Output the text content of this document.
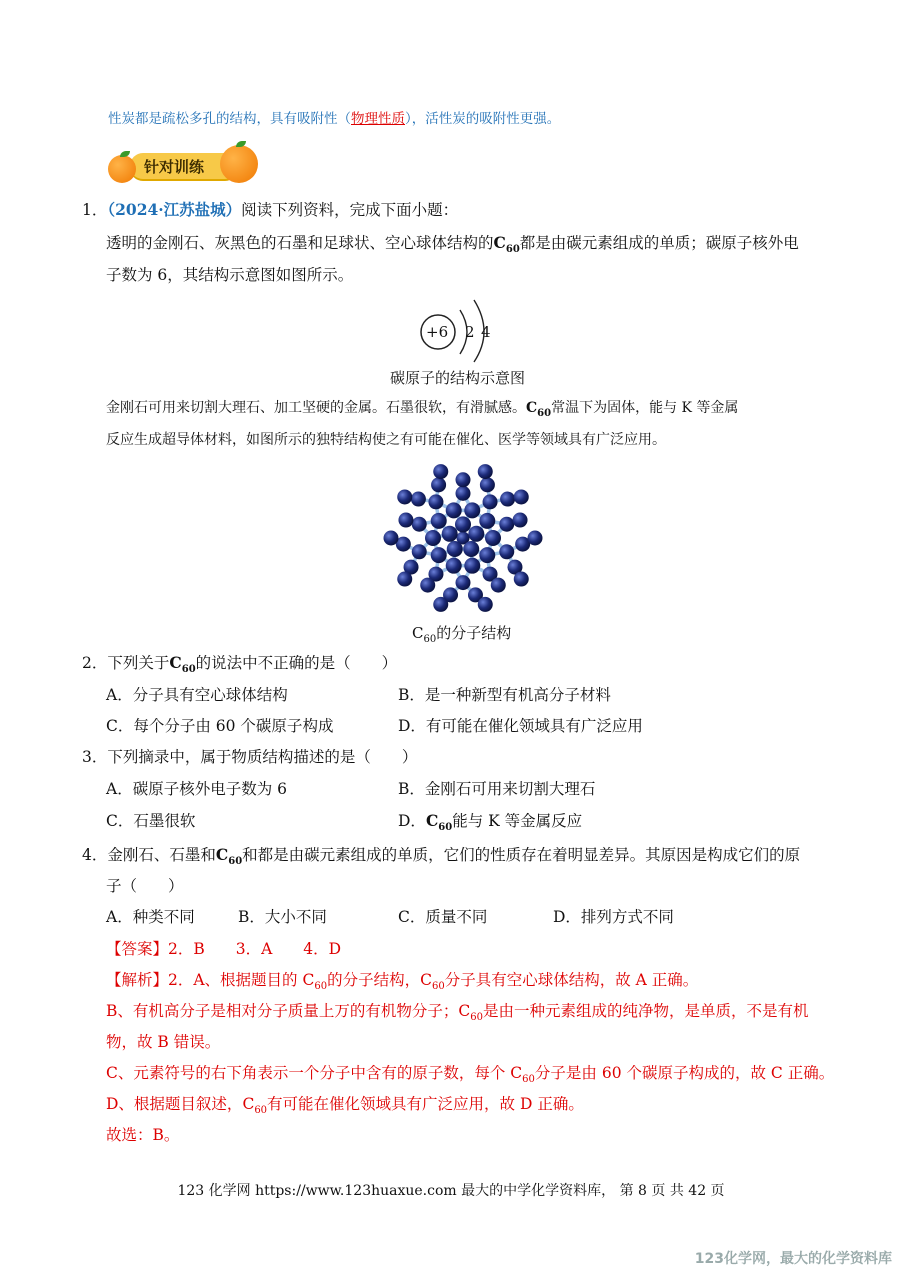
性炭都是疏松多孔的结构，具有吸附性（物理性质），活性炭的吸附性更强。
针对训练
1．（2024·江苏盐城）阅读下列资料，完成下面小题：
透明的金刚石、灰黑色的石墨和足球状、空心球体结构的$C_{60}$都是由碳元素组成的单质；碳原子核外电
子数为 6，其结构示意图如图所示。
+6 2 4
碳原子的结构示意图
金刚石可用来切割大理石、加工坚硬的金属。石墨很软，有滑腻感。$C_{60}$常温下为固体，能与 K 等金属
反应生成超导体材料，如图所示的独特结构使之有可能在催化、医学等领域具有广泛应用。
$C_{60}$的分子结构
2．下列关于$C_{60}$的说法中不正确的是（　　）
A．分子具有空心球体结构	B．是一种新型有机高分子材料
C．每个分子由 60 个碳原子构成	D．有可能在催化领域具有广泛应用
3．下列摘录中，属于物质结构描述的是（　　）
A．碳原子核外电子数为 6	B．金刚石可用来切割大理石
C．石墨很软	D．$C_{60}$能与 K 等金属反应
4．金刚石、石墨和$C_{60}$和都是由碳元素组成的单质，它们的性质存在着明显差异。其原因是构成它们的原
子（　　）
A．种类不同	B．大小不同	C．质量不同	D．排列方式不同
【答案】2．B　　3．A　　4．D
【解析】2．A、根据题目的 $C_{60}$的分子结构，$C_{60}$分子具有空心球体结构，故 A 正确。
B、有机高分子是相对分子质量上万的有机物分子；$C_{60}$是由一种元素组成的纯净物，是单质，不是有机
物，故 B 错误。
C、元素符号的右下角表示一个分子中含有的原子数，每个 $C_{60}$分子是由 60 个碳原子构成的，故 C 正确。
D、根据题目叙述，$C_{60}$有可能在催化领域具有广泛应用，故 D 正确。
故选：B。
123 化学网 https://www.123huaxue.com 最大的中学化学资料库， 第 8 页 共 42 页
123化学网，最大的化学资料库
